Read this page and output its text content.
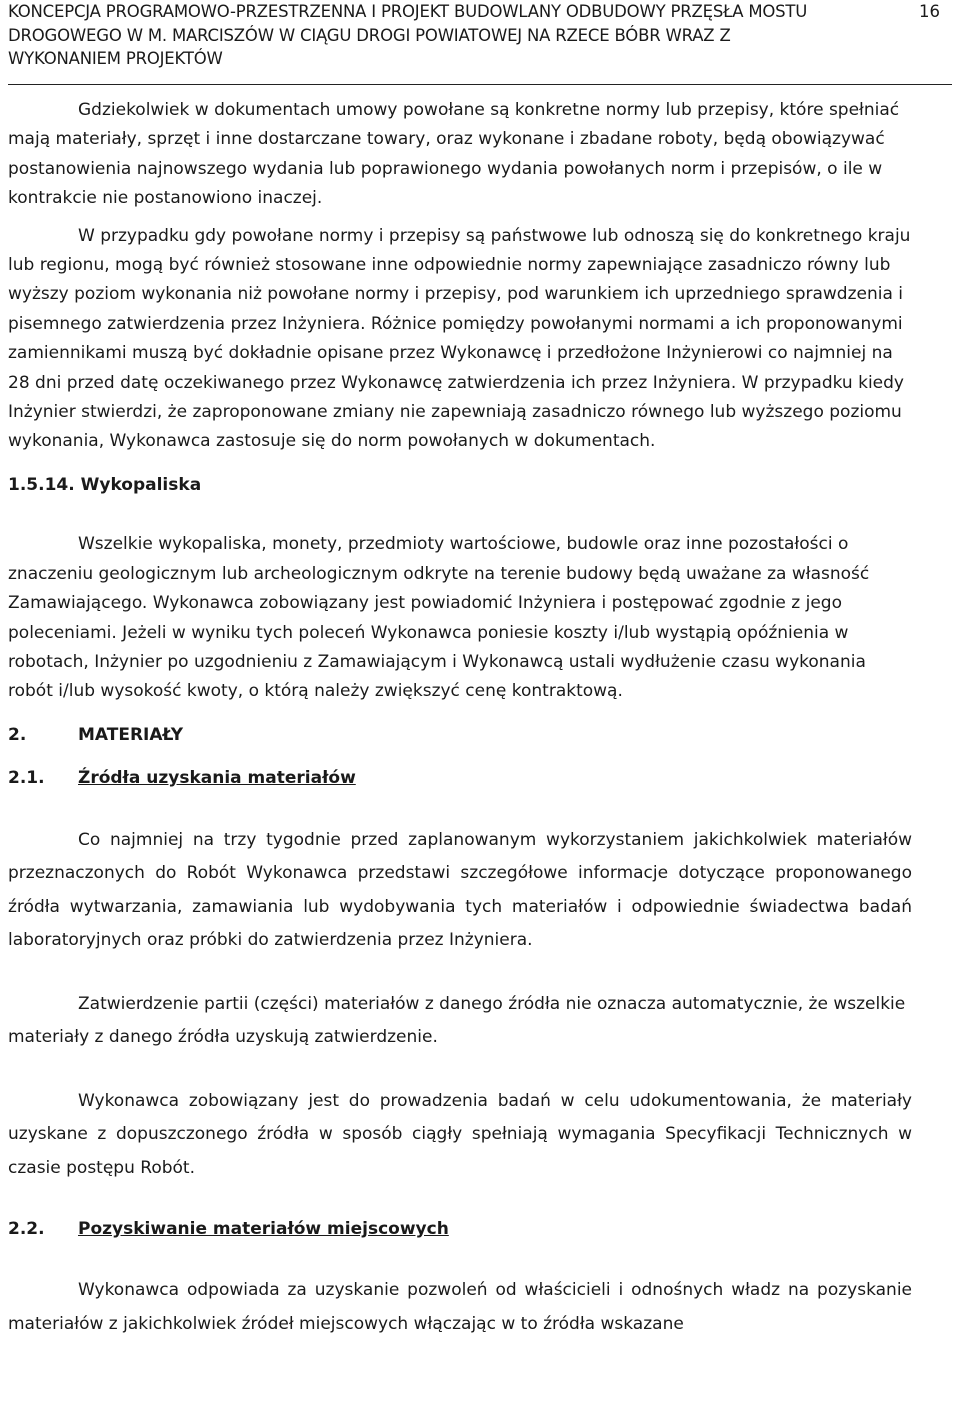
KONCEPCJA PROGRAMOWO-PRZESTRZENNA I PROJEKT BUDOWLANY ODBUDOWY PRZĘSŁA MOSTU DROGOWEGO W M. MARCISZÓW W CIĄGU DROGI POWIATOWEJ NA RZECE BÓBR WRAZ Z WYKONANIEM PROJEKTÓW
16

Gdziekolwiek w dokumentach umowy powołane są konkretne normy lub przepisy, które spełniać mają materiały, sprzęt i inne dostarczane towary, oraz wykonane i zbadane roboty, będą obowiązywać postanowienia najnowszego wydania lub poprawionego wydania powołanych norm i przepisów, o ile w kontrakcie nie postanowiono inaczej.

W przypadku gdy powołane normy i przepisy są państwowe lub odnoszą się do konkretnego kraju lub regionu, mogą być również stosowane inne odpowiednie normy zapewniające zasadniczo równy lub wyższy poziom wykonania niż powołane normy i przepisy, pod warunkiem ich uprzedniego sprawdzenia i pisemnego zatwierdzenia przez Inżyniera. Różnice pomiędzy powołanymi normami a ich proponowanymi zamiennikami muszą być dokładnie opisane przez Wykonawcę i przedłożone Inżynierowi co najmniej na 28 dni przed datę oczekiwanego przez Wykonawcę zatwierdzenia ich przez Inżyniera. W przypadku kiedy Inżynier stwierdzi, że zaproponowane zmiany nie zapewniają zasadniczo równego lub wyższego poziomu wykonania, Wykonawca zastosuje się do norm powołanych w dokumentach.

1.5.14. Wykopaliska

Wszelkie wykopaliska, monety, przedmioty wartościowe, budowle oraz inne pozostałości o znaczeniu geologicznym lub archeologicznym odkryte na terenie budowy będą uważane za własność Zamawiającego. Wykonawca zobowiązany jest powiadomić Inżyniera i postępować zgodnie z jego poleceniami. Jeżeli w wyniku tych poleceń Wykonawca poniesie koszty i/lub wystąpią opóźnienia w robotach, Inżynier po uzgodnieniu z Zamawiającym i Wykonawcą ustali wydłużenie czasu wykonania robót i/lub wysokość kwoty, o którą należy zwiększyć cenę kontraktową.

2.	MATERIAŁY

2.1. Źródła uzyskania materiałów

Co najmniej na trzy tygodnie przed zaplanowanym wykorzystaniem jakichkolwiek materiałów przeznaczonych do Robót Wykonawca przedstawi szczegółowe informacje dotyczące proponowanego źródła wytwarzania, zamawiania lub wydobywania tych materiałów i odpowiednie świadectwa badań laboratoryjnych oraz próbki do zatwierdzenia przez Inżyniera.

Zatwierdzenie partii (części) materiałów z danego źródła nie oznacza automatycznie, że wszelkie materiały z danego źródła uzyskują zatwierdzenie.

Wykonawca zobowiązany jest do prowadzenia badań w celu udokumentowania, że materiały uzyskane z dopuszczonego źródła w sposób ciągły spełniają wymagania Specyfikacji Technicznych w czasie postępu Robót.

2.2. Pozyskiwanie materiałów miejscowych

Wykonawca odpowiada za uzyskanie pozwoleń od właścicieli i odnośnych władz na pozyskanie materiałów z jakichkolwiek źródeł miejscowych włączając w to źródła wskazane
